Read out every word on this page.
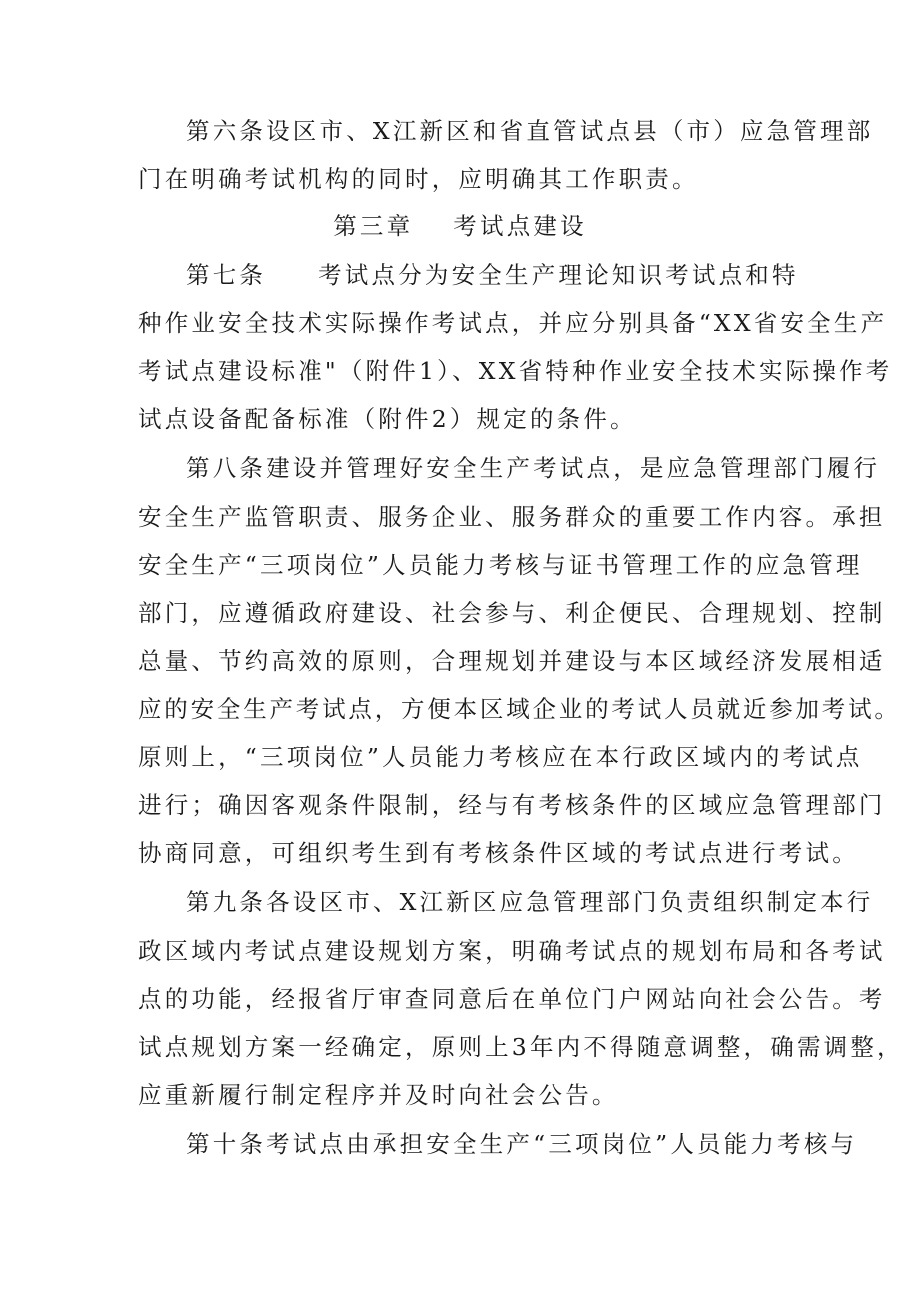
第六条设区市、X江新区和省直管试点县（市）应急管理部
门在明确考试机构的同时，应明确其工作职责。
第三章 考试点建设
第七条 考试点分为安全生产理论知识考试点和特
种作业安全技术实际操作考试点，并应分别具备“XX省安全生产
考试点建设标准"（附件1）、XX省特种作业安全技术实际操作考
试点设备配备标准（附件2）规定的条件。
第八条建设并管理好安全生产考试点，是应急管理部门履行
安全生产监管职责、服务企业、服务群众的重要工作内容。承担
安全生产“三项岗位”人员能力考核与证书管理工作的应急管理
部门，应遵循政府建设、社会参与、利企便民、合理规划、控制
总量、节约高效的原则，合理规划并建设与本区域经济发展相适
应的安全生产考试点，方便本区域企业的考试人员就近参加考试。
原则上，“三项岗位”人员能力考核应在本行政区域内的考试点
进行；确因客观条件限制，经与有考核条件的区域应急管理部门
协商同意，可组织考生到有考核条件区域的考试点进行考试。
第九条各设区市、X江新区应急管理部门负责组织制定本行
政区域内考试点建设规划方案，明确考试点的规划布局和各考试
点的功能，经报省厅审查同意后在单位门户网站向社会公告。考
试点规划方案一经确定，原则上3年内不得随意调整，确需调整，
应重新履行制定程序并及时向社会公告。
第十条考试点由承担安全生产“三项岗位”人员能力考核与
